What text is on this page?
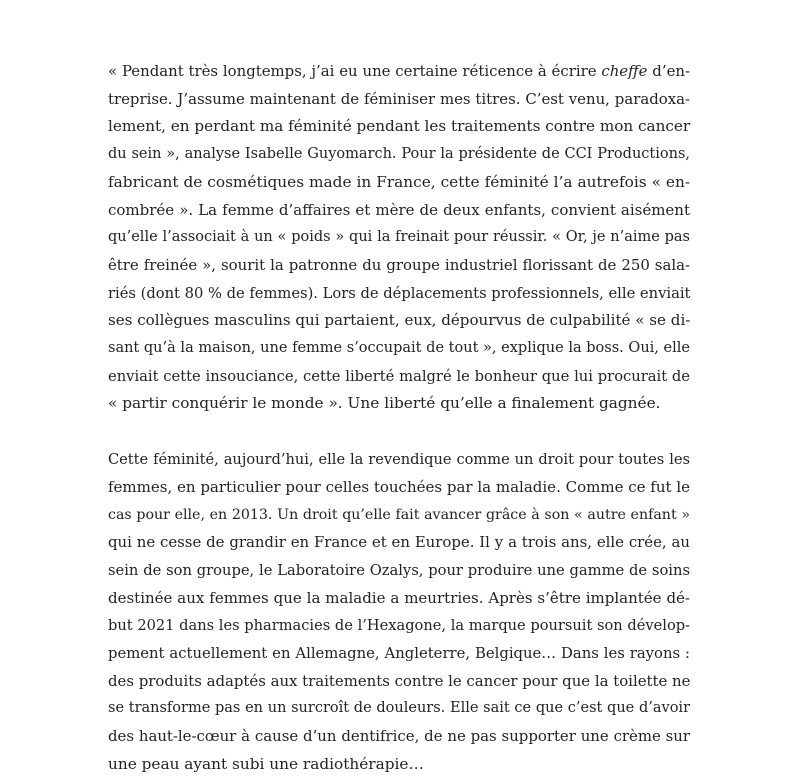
« Pendant très longtemps, j’ai eu une certaine réticence à écrire cheffe d’en-
treprise. J’assume maintenant de féminiser mes titres. C’est venu, paradoxa-
lement, en perdant ma féminité pendant les traitements contre mon cancer
du sein », analyse Isabelle Guyomarch. Pour la présidente de CCI Productions,
fabricant de cosmétiques made in France, cette féminité l’a autrefois « en-
combrée ». La femme d’affaires et mère de deux enfants, convient aisément
qu’elle l’associait à un « poids » qui la freinait pour réussir. « Or, je n’aime pas
être freinée », sourit la patronne du groupe industriel florissant de 250 sala-
riés (dont 80 % de femmes). Lors de déplacements professionnels, elle enviait
ses collègues masculins qui partaient, eux, dépourvus de culpabilité « se di-
sant qu’à la maison, une femme s’occupait de tout », explique la boss. Oui, elle
enviait cette insouciance, cette liberté malgré le bonheur que lui procurait de
« partir conquérir le monde ». Une liberté qu’elle a finalement gagnée.
Cette féminité, aujourd’hui, elle la revendique comme un droit pour toutes les
femmes, en particulier pour celles touchées par la maladie. Comme ce fut le
cas pour elle, en 2013. Un droit qu’elle fait avancer grâce à son « autre enfant »
qui ne cesse de grandir en France et en Europe. Il y a trois ans, elle crée, au
sein de son groupe, le Laboratoire Ozalys, pour produire une gamme de soins
destinée aux femmes que la maladie a meurtries. Après s’être implantée dé-
but 2021 dans les pharmacies de l’Hexagone, la marque poursuit son dévelop-
pement actuellement en Allemagne, Angleterre, Belgique… Dans les rayons :
des produits adaptés aux traitements contre le cancer pour que la toilette ne
se transforme pas en un surcroît de douleurs. Elle sait ce que c’est que d’avoir
des haut-le-cœur à cause d’un dentifrice, de ne pas supporter une crème sur
une peau ayant subi une radiothérapie…
